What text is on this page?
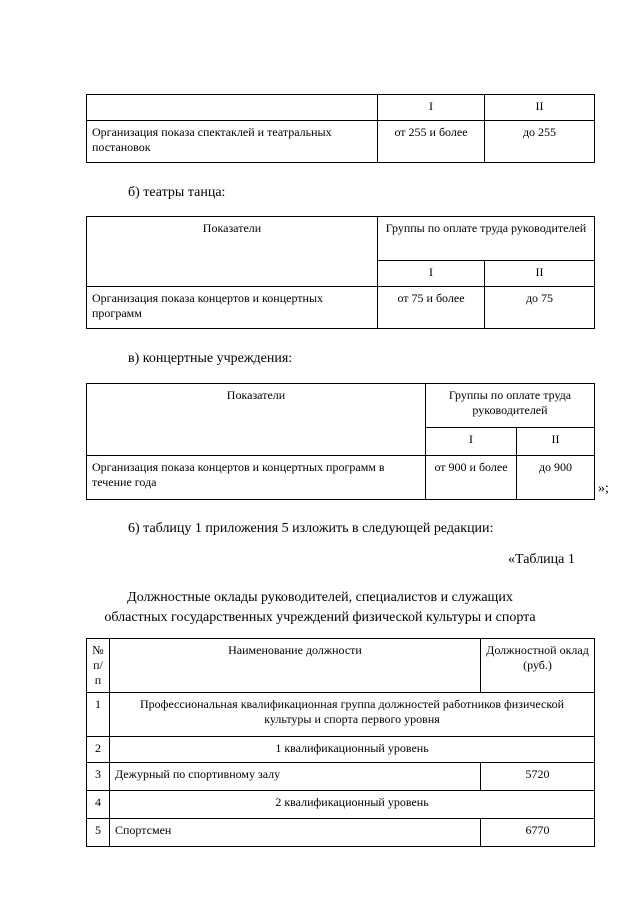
	I	II
Организация показа спектаклей и театральных постановок	от 255 и более	до 255
б) театры танца:
Показатели	Группы по оплате труда руководителей	
	I	II
Организация показа концертов и концертных программ	от 75 и более	до 75
в) концертные учреждения:
Показатели	Группы по оплате труда руководителей	
	I	II
Организация показа концертов и концертных программ в течение года	от 900 и более	до 900
»;
6) таблицу 1 приложения 5 изложить в следующей редакции:
«Таблица 1
Должностные оклады руководителей, специалистов и служащих
областных государственных учреждений физической культуры и спорта
№ п/п	Наименование должности	Должностной оклад (руб.)
1	Профессиональная квалификационная группа должностей работников физической культуры и спорта первого уровня	
2	1 квалификационный уровень	
3	Дежурный по спортивному залу	5720
4	2 квалификационный уровень	
5	Спортсмен	6770
